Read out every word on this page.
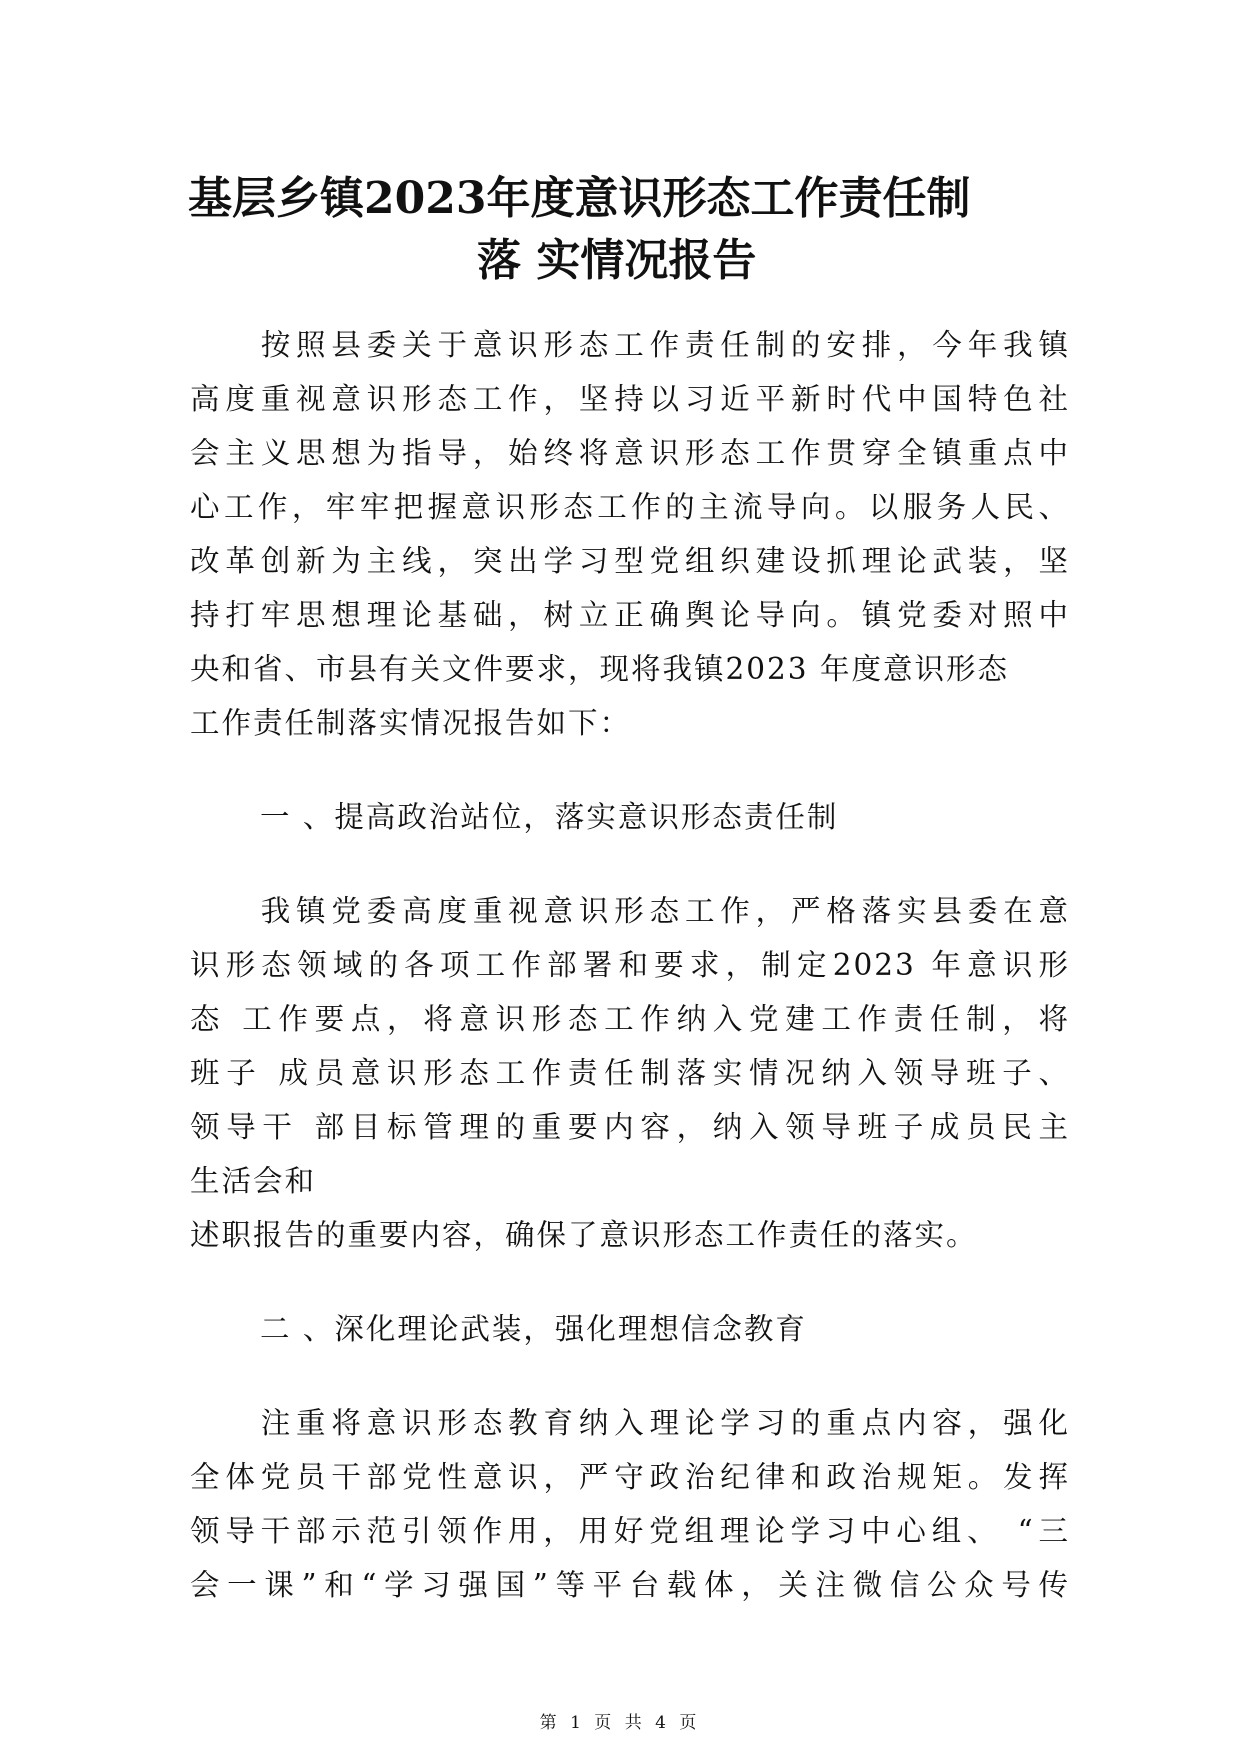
基层乡镇2023年度意识形态工作责任制
落 实情况报告
　　按照县委关于意识形态工作责任制的安排，今年我镇
高度重视意识形态工作，坚持以习近平新时代中国特色社
会主义思想为指导，始终将意识形态工作贯穿全镇重点中
心工作，牢牢把握意识形态工作的主流导向。以服务人民、
改革创新为主线，突出学习型党组织建设抓理论武装，坚
持打牢思想理论基础，树立正确舆论导向。镇党委对照中
央和省、市县有关文件要求，现将我镇2023 年度意识形态
工作责任制落实情况报告如下：
一 、提高政治站位，落实意识形态责任制
　　我镇党委高度重视意识形态工作，严格落实县委在意
识形态领域的各项工作部署和要求，制定2023 年意识形
态 工作要点，将意识形态工作纳入党建工作责任制，将
班子 成员意识形态工作责任制落实情况纳入领导班子、
领导干 部目标管理的重要内容，纳入领导班子成员民主
生活会和
述职报告的重要内容，确保了意识形态工作责任的落实。
二 、深化理论武装，强化理想信念教育
　　注重将意识形态教育纳入理论学习的重点内容，强化
全体党员干部党性意识，严守政治纪律和政治规矩。发挥
领导干部示范引领作用，用好党组理论学习中心组、 “三
会一课”和“学习强国”等平台载体，关注微信公众号传
第 1 页 共 4 页
